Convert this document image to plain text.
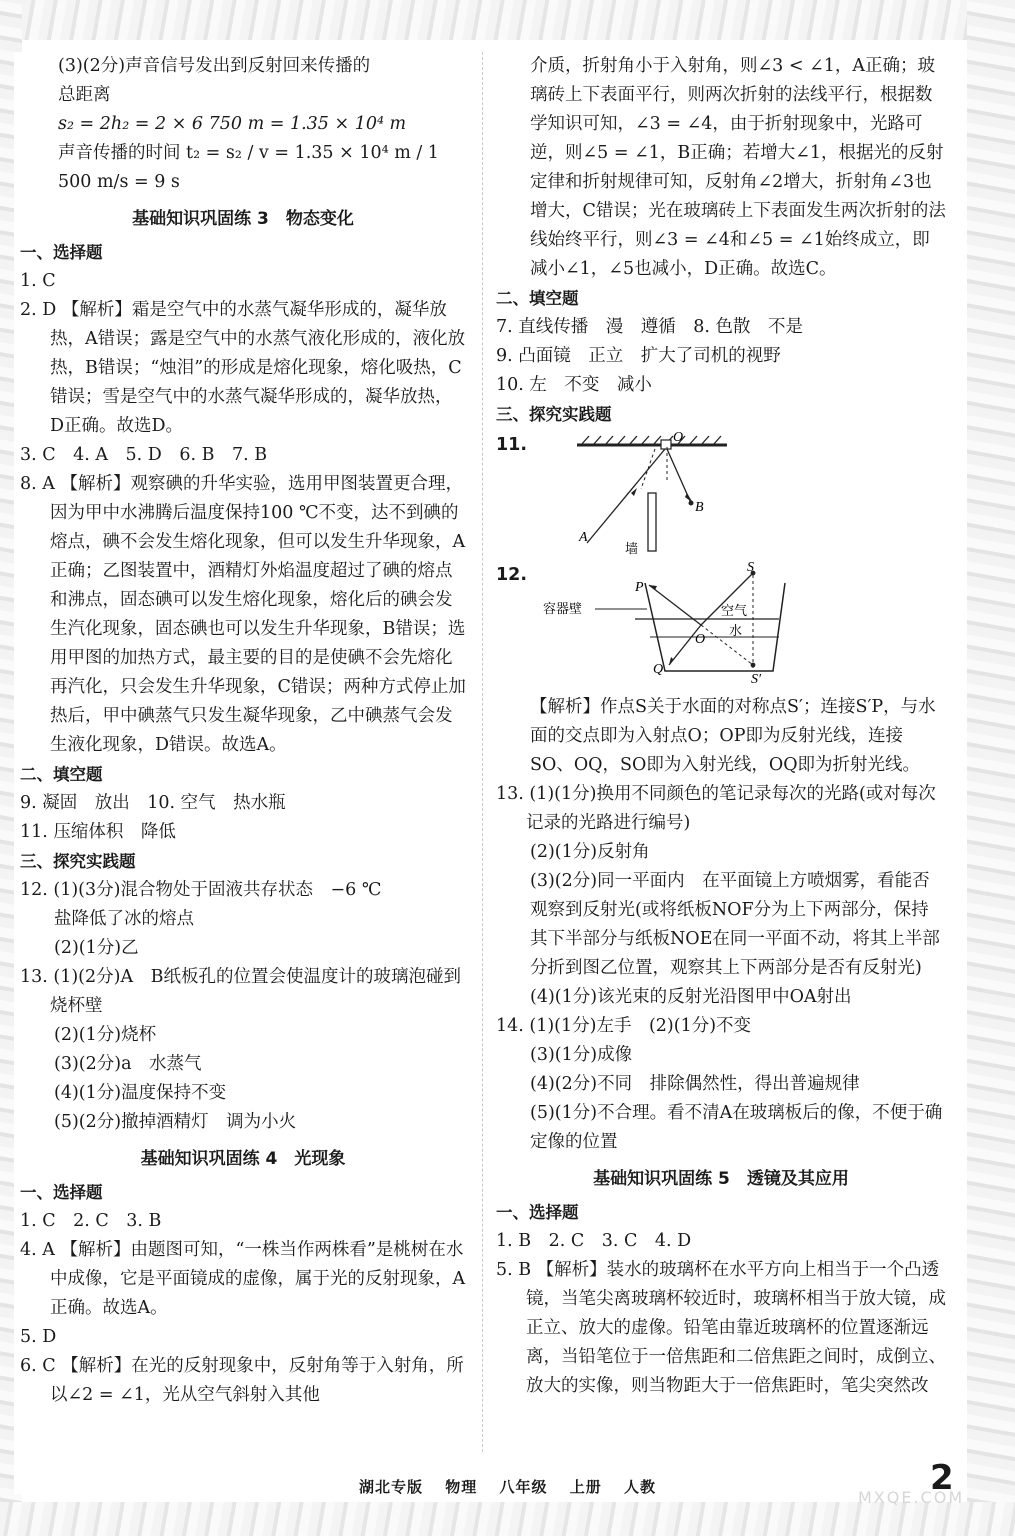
(3)(2分)声音信号发出到反射回来传播的

总距离

s₂ = 2h₂ = 2 × 6 750 m = 1.35 × 10⁴ m

声音传播的时间 t₂ = s₂ / v = 1.35 × 10⁴ m / 1 500 m/s = 9 s

基础知识巩固练 3　物态变化

一、选择题

1. C

2. D 【解析】霜是空气中的水蒸气凝华形成的，凝华放热，A错误；露是空气中的水蒸气液化形成的，液化放热，B错误；“烛泪”的形成是熔化现象，熔化吸热，C错误；雪是空气中的水蒸气凝华形成的，凝华放热，D正确。故选D。

3. C　4. A　5. D　6. B　7. B

8. A 【解析】观察碘的升华实验，选用甲图装置更合理，因为甲中水沸腾后温度保持100 ℃不变，达不到碘的熔点，碘不会发生熔化现象，但可以发生升华现象，A正确；乙图装置中，酒精灯外焰温度超过了碘的熔点和沸点，固态碘可以发生熔化现象，熔化后的碘会发生汽化现象，固态碘也可以发生升华现象，B错误；选用甲图的加热方式，最主要的目的是使碘不会先熔化再汽化，只会发生升华现象，C错误；两种方式停止加热后，甲中碘蒸气只发生凝华现象，乙中碘蒸气会发生液化现象，D错误。故选A。

二、填空题

9. 凝固　放出　10. 空气　热水瓶

11. 压缩体积　降低

三、探究实践题

12. (1)(3分)混合物处于固液共存状态　−6 ℃

盐降低了冰的熔点

(2)(1分)乙

13. (1)(2分)A　B纸板孔的位置会使温度计的玻璃泡碰到烧杯壁

(2)(1分)烧杯

(3)(2分)a　水蒸气

(4)(1分)温度保持不变

(5)(2分)撤掉酒精灯　调为小火

基础知识巩固练 4　光现象

一、选择题

1. C　2. C　3. B

4. A 【解析】由题图可知，“一株当作两株看”是桃树在水中成像，它是平面镜成的虚像，属于光的反射现象，A正确。故选A。

5. D

6. C 【解析】在光的反射现象中，反射角等于入射角，所以∠2 = ∠1，光从空气斜射入其他

介质，折射角小于入射角，则∠3 < ∠1，A正确；玻璃砖上下表面平行，则两次折射的法线平行，根据数学知识可知，∠3 = ∠4，由于折射现象中，光路可逆，则∠5 = ∠1，B正确；若增大∠1，根据光的反射定律和折射规律可知，反射角∠2增大，折射角∠3也增大，C错误；光在玻璃砖上下表面发生两次折射的法线始终平行，则∠3 = ∠4和∠5 = ∠1始终成立，即减小∠1，∠5也减小，D正确。故选C。

二、填空题

7. 直线传播　漫　遵循　8. 色散　不是

9. 凸面镜　正立　扩大了司机的视野

10. 左　不变　减小

三、探究实践题

11.	O
A
B
墙
12.	S
P
Q
O
S′
空气
水
容器壁

【解析】作点S关于水面的对称点S′；连接S′P，与水面的交点即为入射点O；OP即为反射光线，连接SO、OQ，SO即为入射光线，OQ即为折射光线。

13. (1)(1分)换用不同颜色的笔记录每次的光路(或对每次记录的光路进行编号)

(2)(1分)反射角

(3)(2分)同一平面内　在平面镜上方喷烟雾，看能否观察到反射光(或将纸板NOF分为上下两部分，保持其下半部分与纸板NOE在同一平面不动，将其上半部分折到图乙位置，观察其上下两部分是否有反射光)

(4)(1分)该光束的反射光沿图甲中OA射出

14. (1)(1分)左手　(2)(1分)不变

(3)(1分)成像

(4)(2分)不同　排除偶然性，得出普遍规律

(5)(1分)不合理。看不清A在玻璃板后的像，不便于确定像的位置

基础知识巩固练 5　透镜及其应用

一、选择题

1. B　2. C　3. C　4. D

5. B 【解析】装水的玻璃杯在水平方向上相当于一个凸透镜，当笔尖离玻璃杯较近时，玻璃杯相当于放大镜，成正立、放大的虚像。铅笔由靠近玻璃杯的位置逐渐远离，当铅笔位于一倍焦距和二倍焦距之间时，成倒立、放大的实像，则当物距大于一倍焦距时，笔尖突然改

湖北专版 物理 八年级 上册 人教	2
MXQE.COM
